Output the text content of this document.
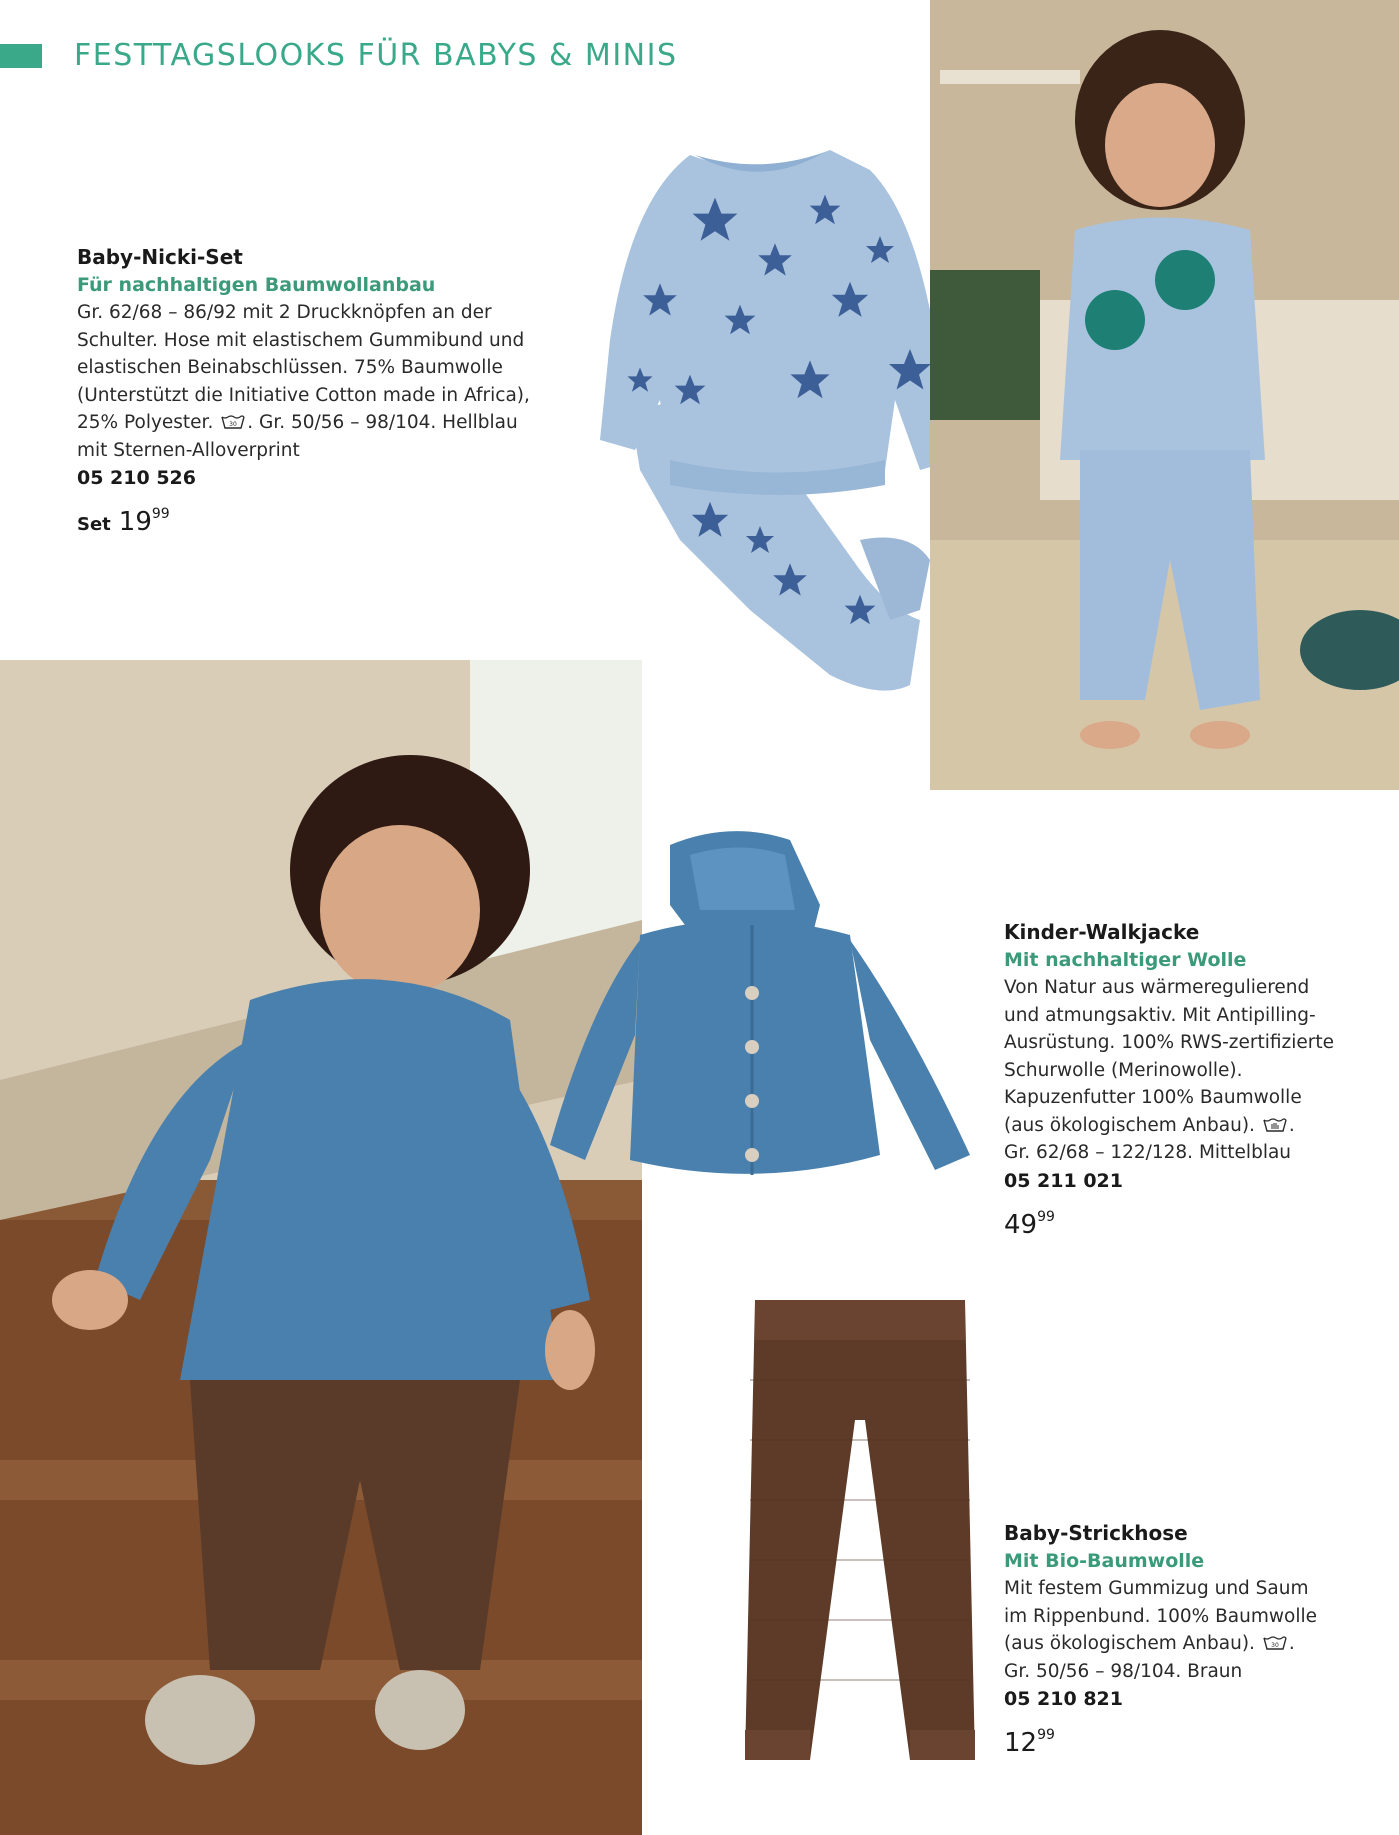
FESTTAGSLOOKS FÜR BABYS & MINIS
Baby-Nicki-Set
Für nachhaltigen Baumwollanbau
Gr. 62/68 – 86/92 mit 2 Druckknöpfen an der
Schulter. Hose mit elastischem Gummibund und
elastischen Beinabschlüssen. 75% Baumwolle
(Unterstützt die Initiative Cotton made in Africa),
25% Polyester.	30 . Gr. 50/56 – 98/104. Hellblau
mit Sternen-Alloverprint
05 210 526
Set 1999
Kinder-Walkjacke
Mit nachhaltiger Wolle
Von Natur aus wärmeregulierend
und atmungsaktiv. Mit Antipilling-
Ausrüstung. 100% RWS-zertifizierte
Schurwolle (Merinowolle).
Kapuzenfutter 100% Baumwolle
(aus ökologischem Anbau). .
Gr. 62/68 – 122/128. Mittelblau
05 211 021
4999
Baby-Strickhose
Mit Bio-Baumwolle
Mit festem Gummizug und Saum
im Rippenbund. 100% Baumwolle
(aus ökologischem Anbau).	30 .
Gr. 50/56 – 98/104. Braun
05 210 821
1299
